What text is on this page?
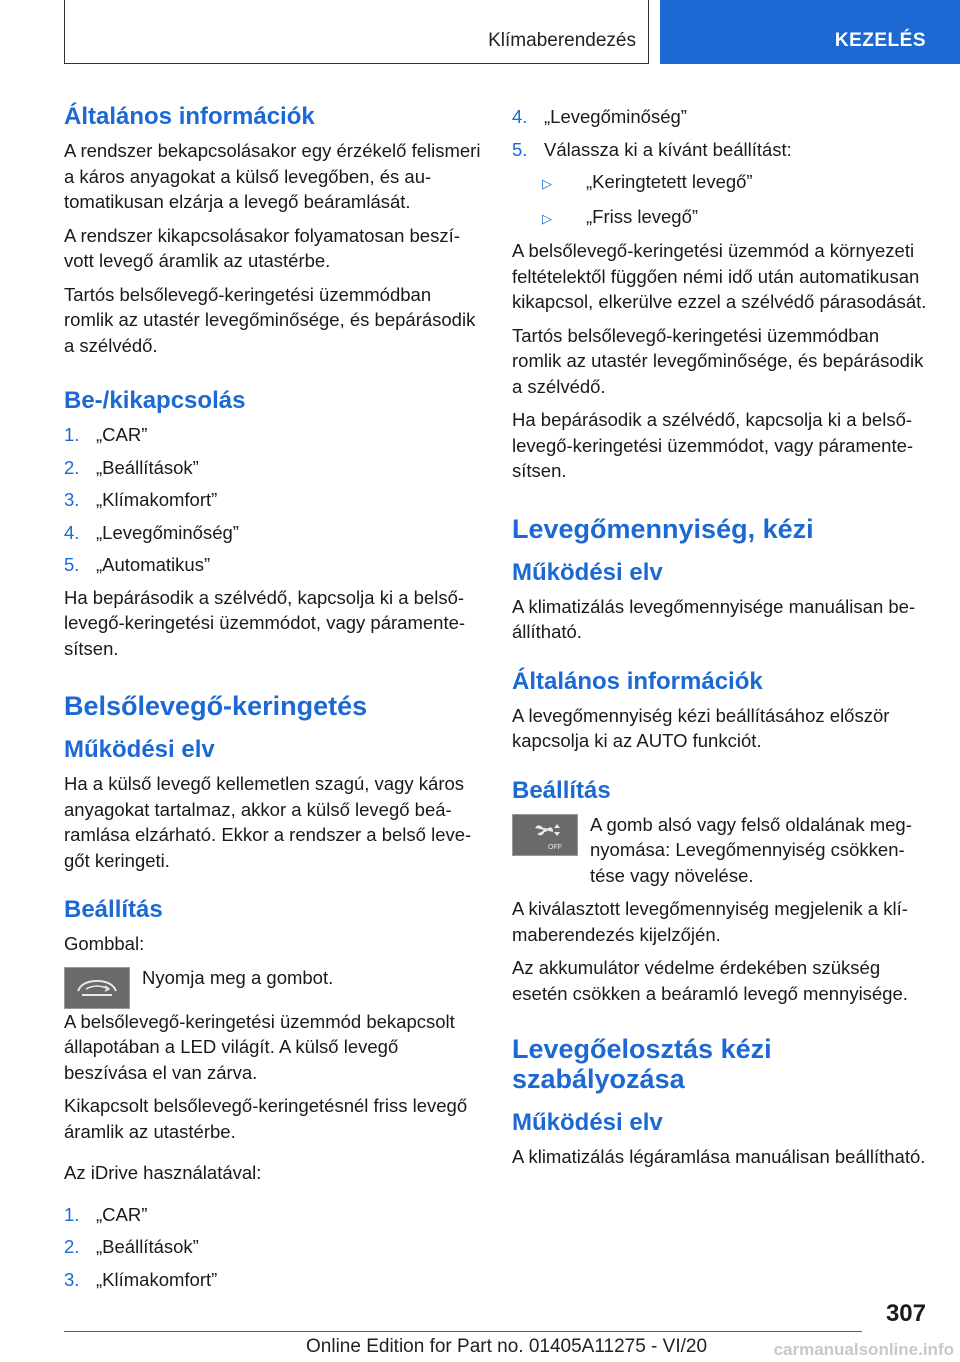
Klímaberendezés	KEZELÉS
Általános információk

A rendszer bekapcsolásakor egy érzékelő felismeri a káros anyagokat a külső levegőben, és automatikusan elzárja a levegő beáramlását.

A rendszer kikapcsolásakor folyamatosan beszívott levegő áramlik az utastérbe.

Tartós belsőlevegő-keringetési üzemmódban romlik az utastér levegőminősége, és bepárásodik a szélvédő.

Be-/kikapcsolás
1. „CAR”
2. „Beállítások”
3. „Klímakomfort”
4. „Levegőminőség”
5. „Automatikus”

Ha bepárásodik a szélvédő, kapcsolja ki a belsőlevegő-keringetési üzemmódot, vagy páramentesítsen.

Belsőlevegő-keringetés
Működési elv

Ha a külső levegő kellemetlen szagú, vagy káros anyagokat tartalmaz, akkor a külső levegő beáramlása elzárható. Ekkor a rendszer a belső levegőt keringeti.

Beállítás

Gombbal:

Nyomja meg a gombot.

A belsőlevegő-keringetési üzemmód bekapcsolt állapotában a LED világít. A külső levegő beszívása el van zárva.

Kikapcsolt belsőlevegő-keringetésnél friss levegő áramlik az utastérbe.

Az iDrive használatával:

1. „CAR”
2. „Beállítások”
3. „Klímakomfort”
4. „Levegőminőség”
5. Válassza ki a kívánt beállítást:
▷	„Keringtetett levegő”
▷	„Friss levegő”

A belsőlevegő-keringetési üzemmód a környezeti feltételektől függően némi idő után automatikusan kikapcsol, elkerülve ezzel a szélvédő párasodását.

Tartós belsőlevegő-keringetési üzemmódban romlik az utastér levegőminősége, és bepárásodik a szélvédő.

Ha bepárásodik a szélvédő, kapcsolja ki a belsőlevegő-keringetési üzemmódot, vagy páramentesítsen.

Levegőmennyiség, kézi
Működési elv

A klimatizálás levegőmennyisége manuálisan beállítható.

Általános információk

A levegőmennyiség kézi beállításához először kapcsolja ki az AUTO funkciót.

Beállítás
OFF
A gomb alsó vagy felső oldalának megnyomása: Levegőmennyiség csökkentése vagy növelése.

A kiválasztott levegőmennyiség megjelenik a klímaberendezés kijelzőjén.

Az akkumulátor védelme érdekében szükség esetén csökken a beáramló levegő mennyisége.

Levegőelosztás kézi szabályozása
Működési elv

A klimatizálás légáramlása manuálisan beállítható.

307
Online Edition for Part no. 01405A11275 - VI/20	carmanualsonline.info
